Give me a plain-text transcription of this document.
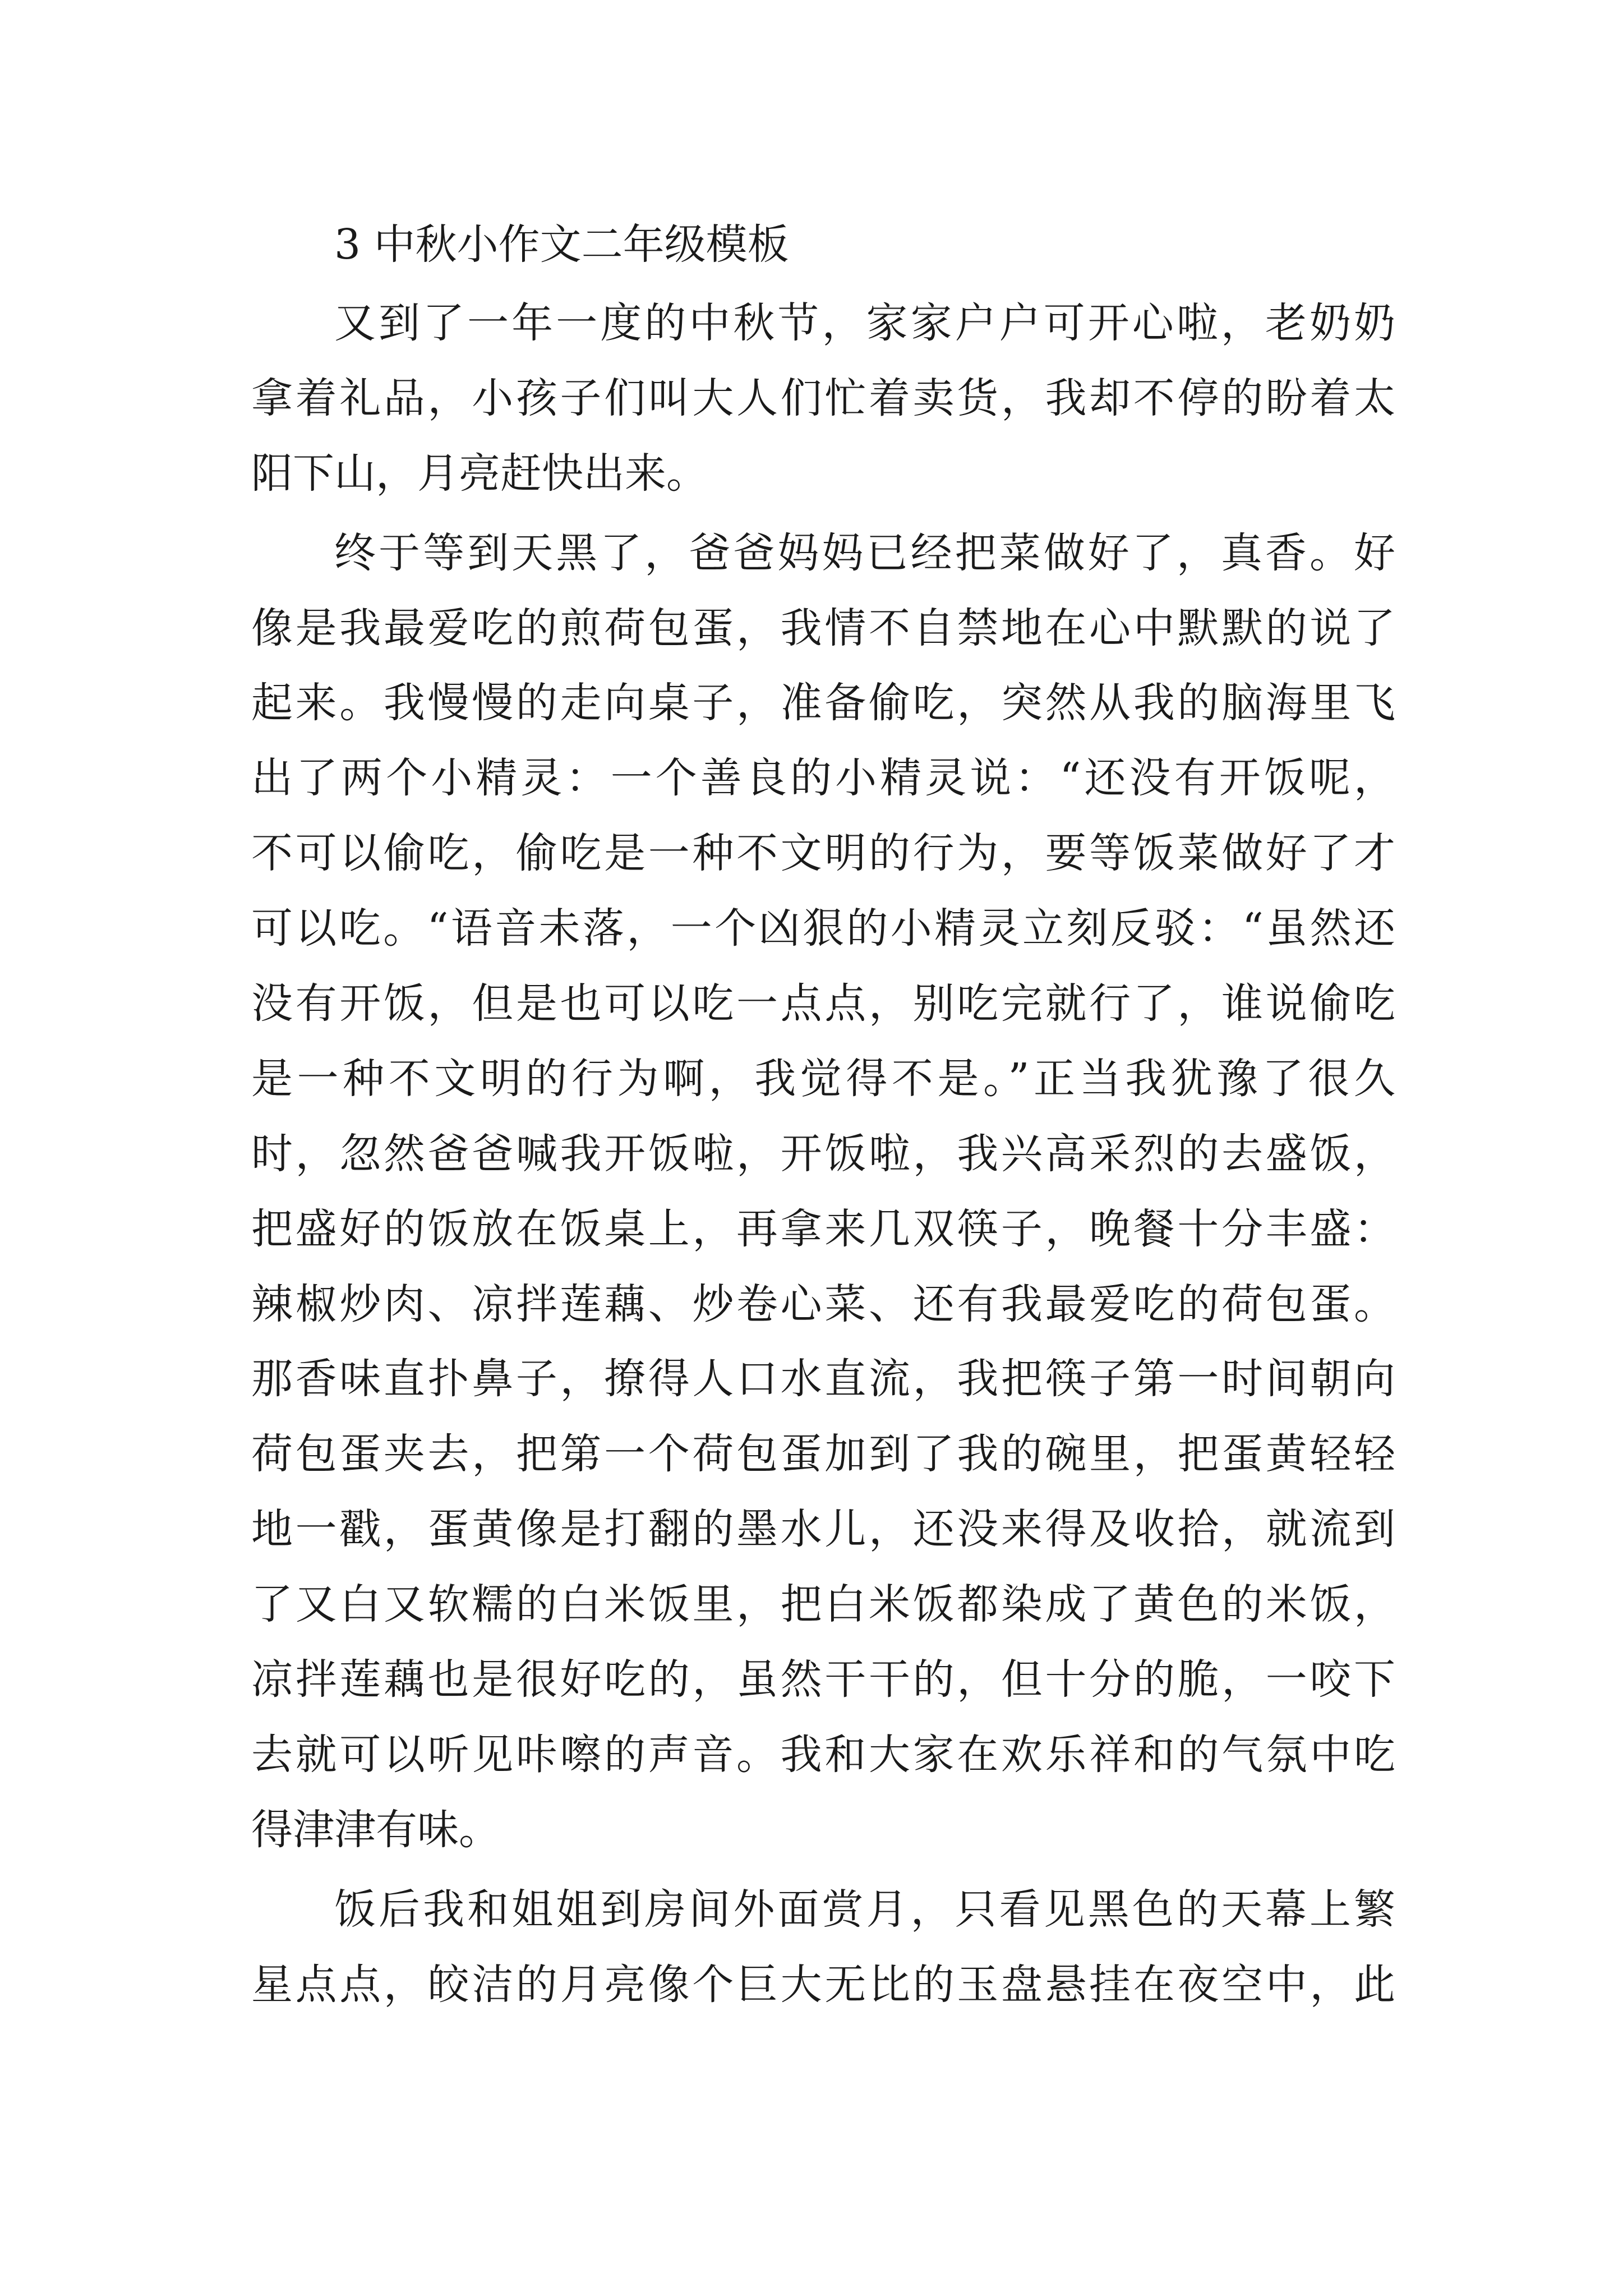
3 中秋小作文二年级模板
又到了一年一度的中秋节，家家户户可开心啦，老奶奶
拿着礼品，小孩子们叫大人们忙着卖货，我却不停的盼着太
阳下山，月亮赶快出来。
终于等到天黑了，爸爸妈妈已经把菜做好了，真香。好
像是我最爱吃的煎荷包蛋，我情不自禁地在心中默默的说了
起来。我慢慢的走向桌子，准备偷吃，突然从我的脑海里飞
出了两个小精灵：一个善良的小精灵说：“还没有开饭呢，
不可以偷吃，偷吃是一种不文明的行为，要等饭菜做好了才
可以吃。“语音未落，一个凶狠的小精灵立刻反驳：“虽然还
没有开饭，但是也可以吃一点点，别吃完就行了，谁说偷吃
是一种不文明的行为啊，我觉得不是。”正当我犹豫了很久
时，忽然爸爸喊我开饭啦，开饭啦，我兴高采烈的去盛饭，
把盛好的饭放在饭桌上，再拿来几双筷子，晚餐十分丰盛：
辣椒炒肉、凉拌莲藕、炒卷心菜、还有我最爱吃的荷包蛋。
那香味直扑鼻子，撩得人口水直流，我把筷子第一时间朝向
荷包蛋夹去，把第一个荷包蛋加到了我的碗里，把蛋黄轻轻
地一戳，蛋黄像是打翻的墨水儿，还没来得及收拾，就流到
了又白又软糯的白米饭里，把白米饭都染成了黄色的米饭，
凉拌莲藕也是很好吃的，虽然干干的，但十分的脆，一咬下
去就可以听见咔嚓的声音。我和大家在欢乐祥和的气氛中吃
得津津有味。
饭后我和姐姐到房间外面赏月，只看见黑色的天幕上繁
星点点，皎洁的月亮像个巨大无比的玉盘悬挂在夜空中，此
